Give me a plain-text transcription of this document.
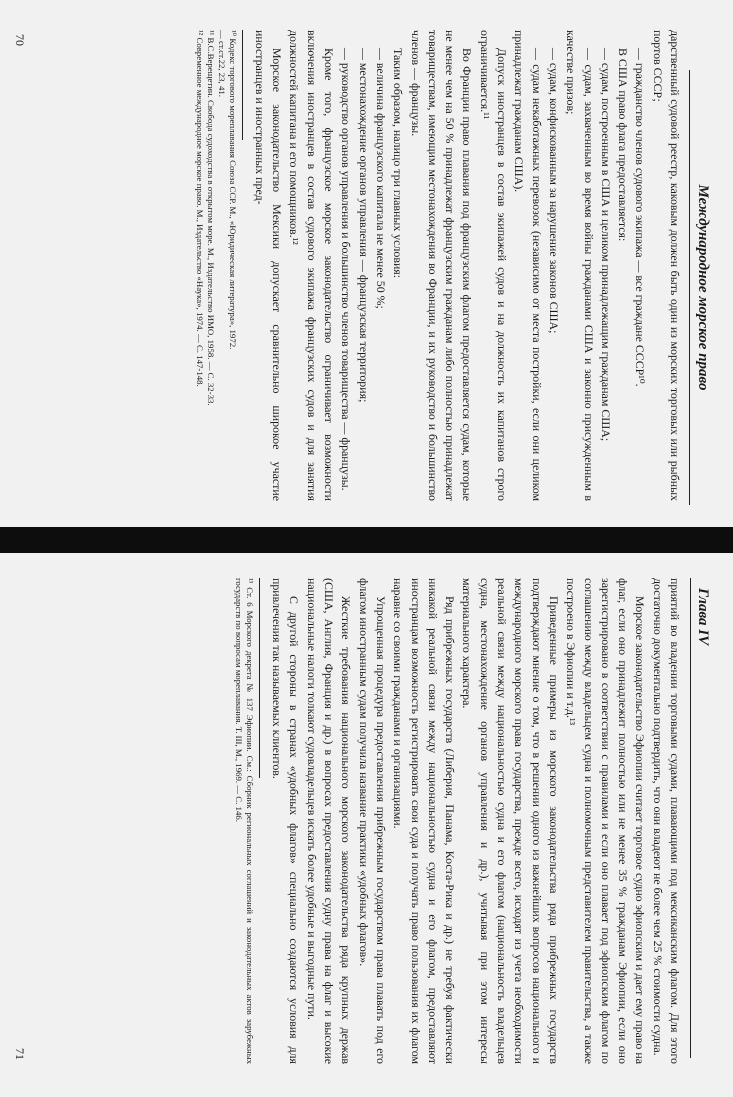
Международное морское право

дарственный судовой реестр, каковым должен быть один из морских торговых или рыбных портов СССР;

— гражданство членов судового экипажа — все граждане СССР¹⁰.

В США право флага предоставляется:

— судам, построенным в США и целиком принадлежащим гражданам США;

— судам, захваченным во время войны гражданами США и законно присужденным в качестве призов;

— судам, конфискованным за нарушение законов США;

— судам некаботажных перевозок (независимо от места постройки, если они целиком принадлежат гражданам США).

Допуск иностранцев в состав экипажей судов и на должность их капитанов строго ограничивается.¹¹

Во Франции право плавания под французским флагом предоставляется судам, которые не менее чем на 50 % принадлежат французским гражданам либо полностью принадлежат товариществам, имеющим местонахождения во Франции, и их руководство и большинство членов — французы.

Таким образом, налицо три главных условия:

— величина французского капитала не менее 50 %;

— местонахождение органов управления — французская территория;

— руководство органов управления и большинство членов товарищества — французы.

Кроме того, французское морское законодательство ограничивает возможности включения иностранцев в состав судового экипажа французских судов и для занятия должностей капитана и его помощников.¹²

Морское законодательство Мексики допускает сравнительно широкое участие иностранцев и иностранных пред-

¹⁰ Кодекс торгового мореплавания Союза ССР. М., «Юридическая литература», 1972.

— ст.ст.22, 23, 41.

¹¹ В.С.Верещетин. Свобода судоходства в открытом море. М., Издательство ИМО, 1958. — С. 32-33.

¹² Современное международное морское право. М., Издательство «Наука», 1974. — С. 147-148.

70
Глава IV

приятий во владении торговыми судами, плавающими под мексиканским флагом. Для этого достаточно документально подтвердить, что они владеют не более чем 25 % стоимости судна.

Морское законодательство Эфиопии считает торговое судно эфиопским и дает ему право на флаг, если оно принадлежит полностью или не менее 35 % гражданам Эфиопии, если оно зарегистрировано в соответствии с правилами и если оно плавает под эфиопским флагом по соглашению между владельцем судна и полномочным представителем правительства, а также построено в Эфиопии и т.д.¹³

Приведенные примеры из морского законодательства ряда прибрежных государств подтверждают мнение о том, что в решении одного из важнейших вопросов национального и международного морского права государства, прежде всего, исходят из учета необходимости реальной связи между национальностью судна и его флагом (национальность владельцев судна, местонахождение органов управления и др.), учитывая при этом интересы материального характера.

Ряд прибрежных государств (Либерия, Панама, Коста-Рика и др.) не требуя фактически никакой реальной связи между национальностью судна и его флагом, предоставляют иностранцам возможность регистрировать свои суда и получать право пользования их флагом наравне со своими гражданами и организациями.

Упрощенная процедура предоставления прибрежным государством права плавать под его флагом иностранным судам получила название практики «удобных флагов».

Жесткие требования национального морского законодательства ряда крупных держав (США, Англия, Франция и др.) в вопросах предоставления судну права на флаг и высокие национальные налоги толкают судовладельцев искать более удобные и выгодные пути.

С другой стороны в странах «удобных флагов» специально создаются условия для привлечения так называемых клиентов.

¹³ Ст. 6 Морского декрета № 137 Эфиопии. См.: Сборник региональных соглашений и законодательных актов зарубежных государств по вопросам мореплавания. Т. III, М., 1969. — С. 146.

71
